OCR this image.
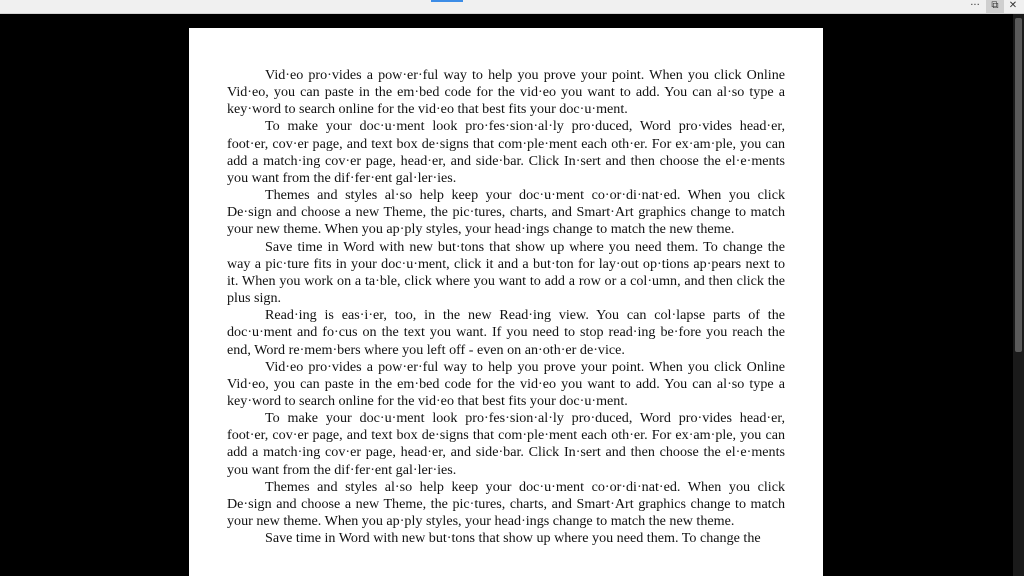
···	⧉	✕

Vid·eo pro·vides a pow·er·ful way to help you prove your point. When you click Online Vid·eo, you can paste in the em·bed code for the vid·eo you want to add. You can al·so type a key·word to search online for the vid·eo that best fits your doc·u·ment.

To make your doc·u·ment look pro·fes·sion·al·ly pro·duced, Word pro·vides head·er, foot·er, cov·er page, and text box de·signs that com·ple·ment each oth·er. For ex·am·ple, you can add a match·ing cov·er page, head·er, and side·bar. Click In·sert and then choose the el·e·ments you want from the dif·fer·ent gal·ler·ies.

Themes and styles al·so help keep your doc·u·ment co·or·di·nat·ed. When you click De·sign and choose a new Theme, the pic·tures, charts, and Smart·Art graphics change to match your new theme. When you ap·ply styles, your head·ings change to match the new theme.

Save time in Word with new but·tons that show up where you need them. To change the way a pic·ture fits in your doc·u·ment, click it and a but·ton for lay·out op·tions ap·pears next to it. When you work on a ta·ble, click where you want to add a row or a col·umn, and then click the plus sign.

Read·ing is eas·i·er, too, in the new Read·ing view. You can col·lapse parts of the doc·u·ment and fo·cus on the text you want. If you need to stop read·ing be·fore you reach the end, Word re·mem·bers where you left off - even on an·oth·er de·vice.

Vid·eo pro·vides a pow·er·ful way to help you prove your point. When you click Online Vid·eo, you can paste in the em·bed code for the vid·eo you want to add. You can al·so type a key·word to search online for the vid·eo that best fits your doc·u·ment.

To make your doc·u·ment look pro·fes·sion·al·ly pro·duced, Word pro·vides head·er, foot·er, cov·er page, and text box de·signs that com·ple·ment each oth·er. For ex·am·ple, you can add a match·ing cov·er page, head·er, and side·bar. Click In·sert and then choose the el·e·ments you want from the dif·fer·ent gal·ler·ies.

Themes and styles al·so help keep your doc·u·ment co·or·di·nat·ed. When you click De·sign and choose a new Theme, the pic·tures, charts, and Smart·Art graphics change to match your new theme. When you ap·ply styles, your head·ings change to match the new theme.

Save time in Word with new but·tons that show up where you need them. To change the
